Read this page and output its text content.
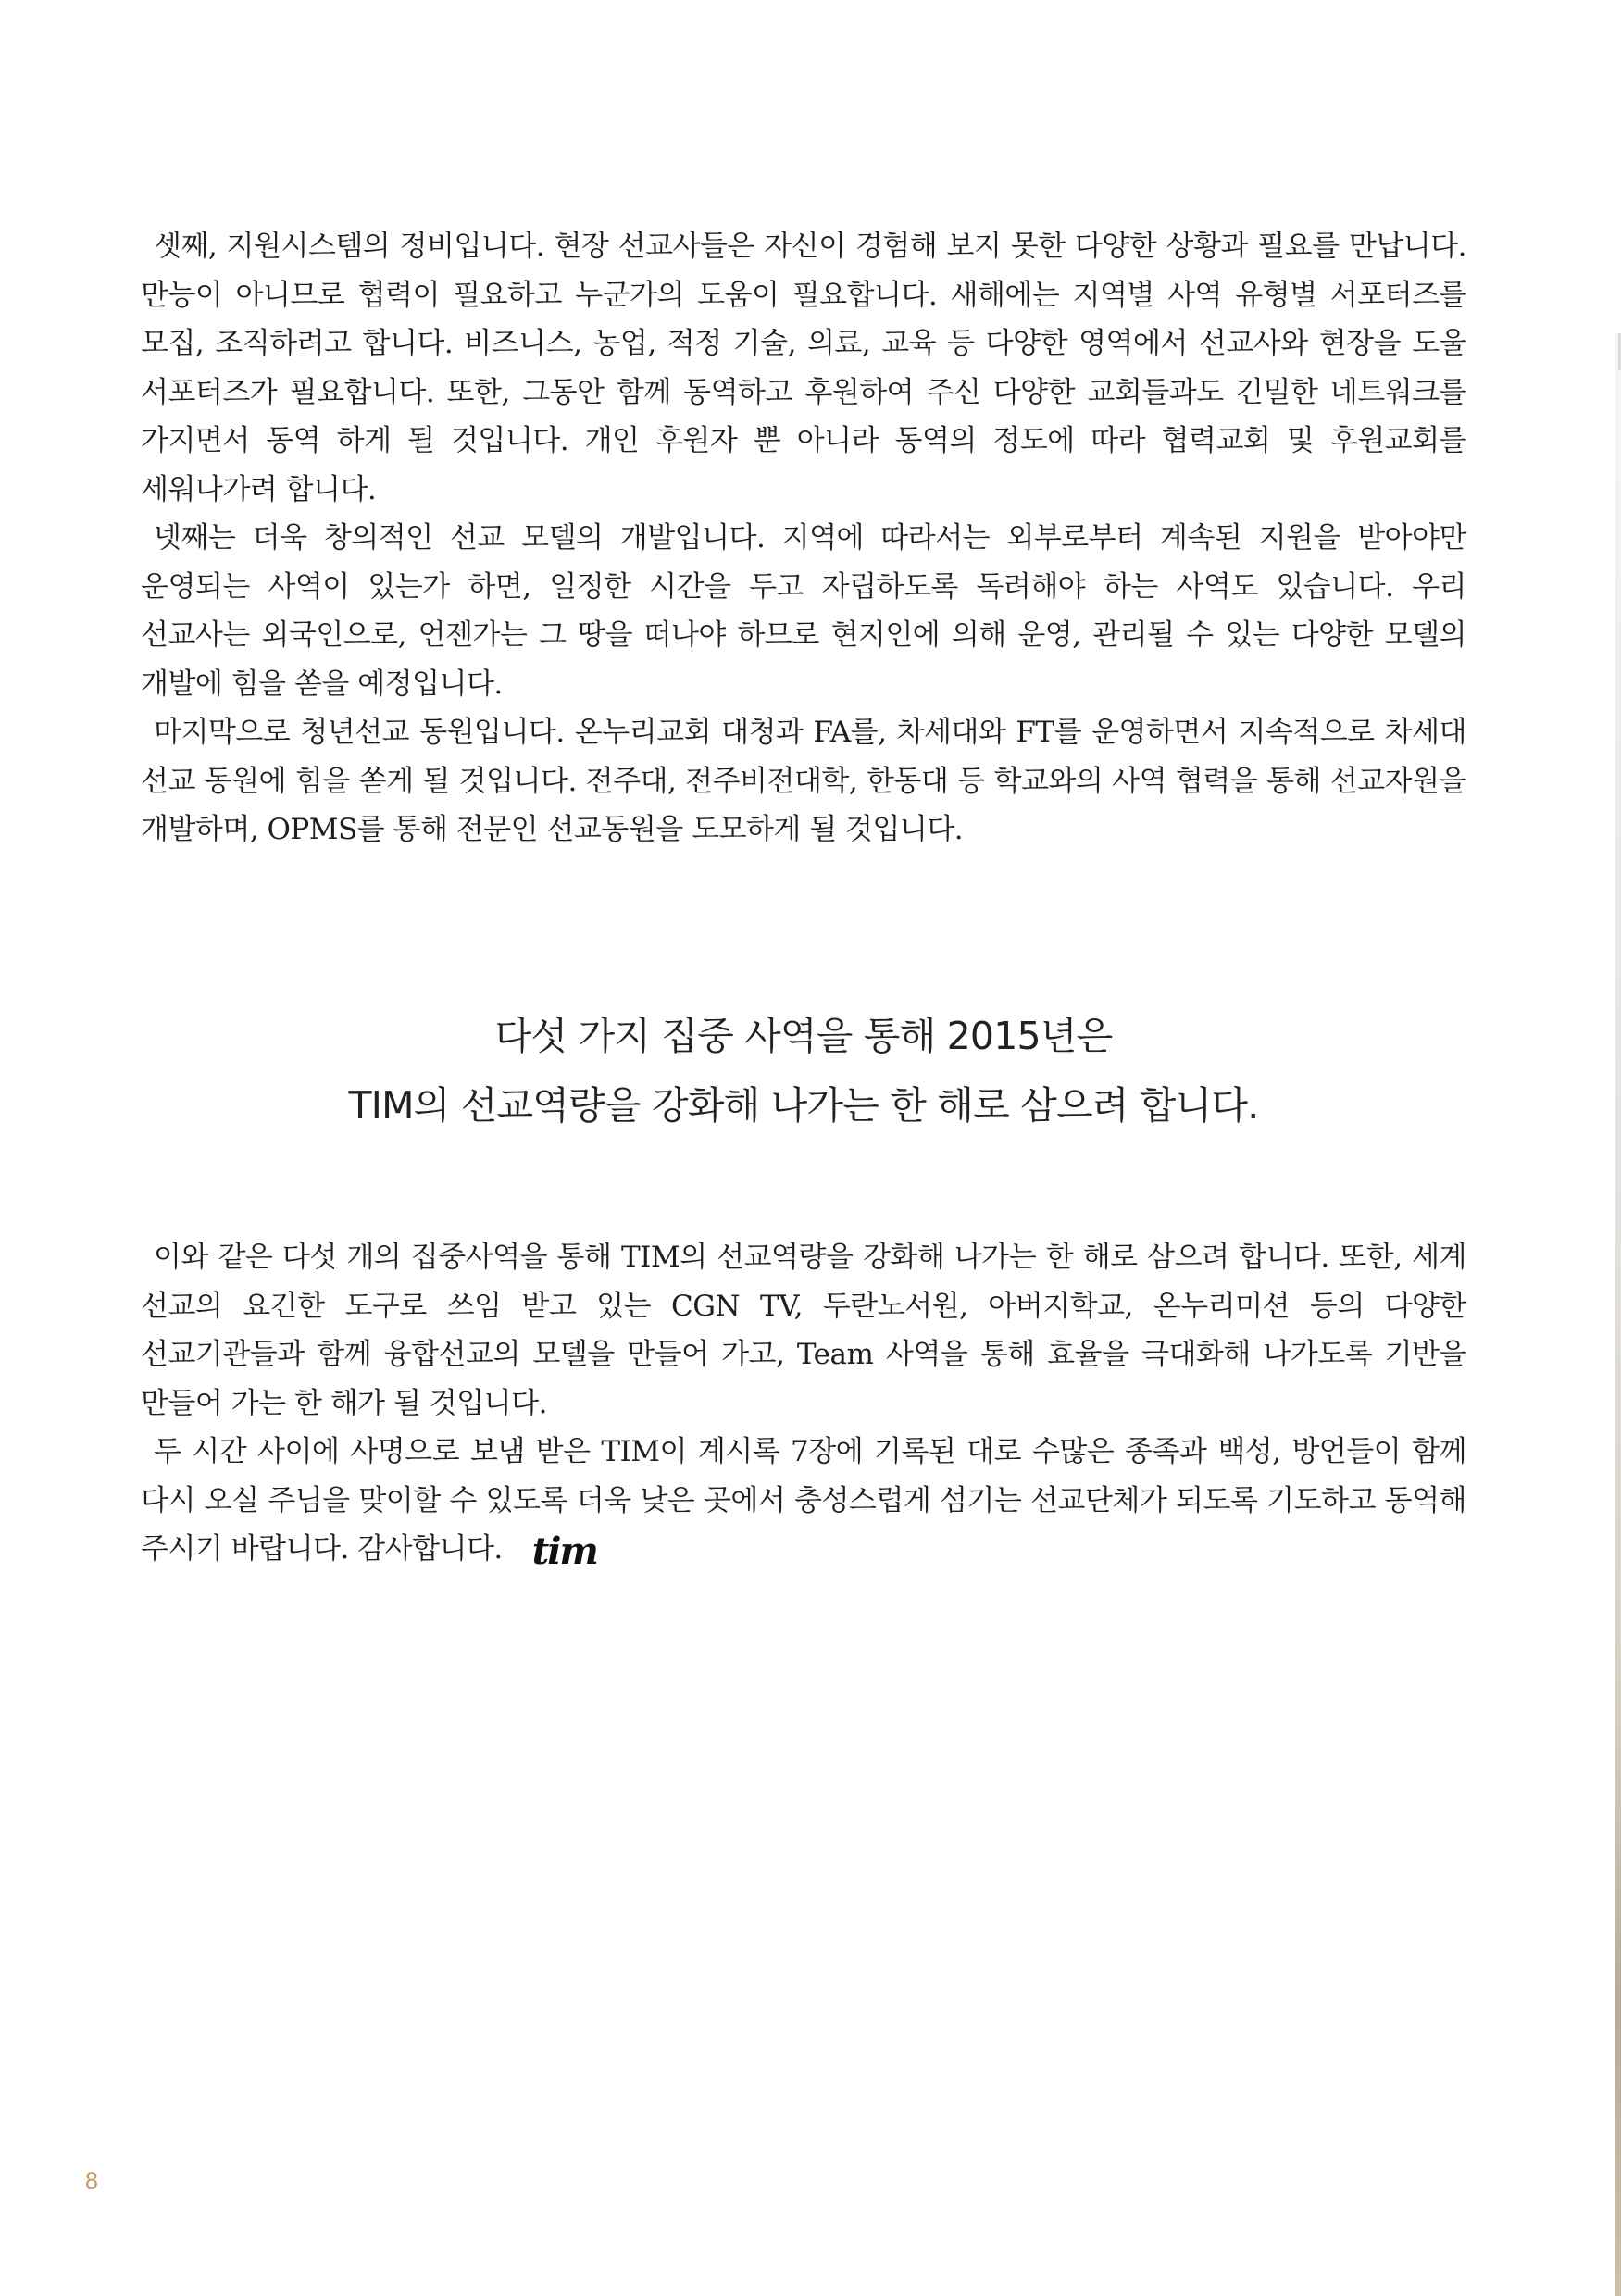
셋째, 지원시스템의 정비입니다. 현장 선교사들은 자신이 경험해 보지 못한 다양한 상황과 필요를 만납니다. 만능이 아니므로 협력이 필요하고 누군가의 도움이 필요합니다. 새해에는 지역별 사역 유형별 서포터즈를 모집, 조직하려고 합니다. 비즈니스, 농업, 적정 기술, 의료, 교육 등 다양한 영역에서 선교사와 현장을 도울 서포터즈가 필요합니다. 또한, 그동안 함께 동역하고 후원하여 주신 다양한 교회들과도 긴밀한 네트워크를 가지면서 동역 하게 될 것입니다. 개인 후원자 뿐 아니라 동역의 정도에 따라 협력교회 및 후원교회를 세워나가려 합니다.

넷째는 더욱 창의적인 선교 모델의 개발입니다. 지역에 따라서는 외부로부터 계속된 지원을 받아야만 운영되는 사역이 있는가 하면, 일정한 시간을 두고 자립하도록 독려해야 하는 사역도 있습니다. 우리 선교사는 외국인으로, 언젠가는 그 땅을 떠나야 하므로 현지인에 의해 운영, 관리될 수 있는 다양한 모델의 개발에 힘을 쏟을 예정입니다.

마지막으로 청년선교 동원입니다. 온누리교회 대청과 FA를, 차세대와 FT를 운영하면서 지속적으로 차세대 선교 동원에 힘을 쏟게 될 것입니다. 전주대, 전주비전대학, 한동대 등 학교와의 사역 협력을 통해 선교자원을 개발하며, OPMS를 통해 전문인 선교동원을 도모하게 될 것입니다.

다섯 가지 집중 사역을 통해 2015년은
TIM의 선교역량을 강화해 나가는 한 해로 삼으려 합니다.

이와 같은 다섯 개의 집중사역을 통해 TIM의 선교역량을 강화해 나가는 한 해로 삼으려 합니다. 또한, 세계 선교의 요긴한 도구로 쓰임 받고 있는 CGN TV, 두란노서원, 아버지학교, 온누리미션 등의 다양한 선교기관들과 함께 융합선교의 모델을 만들어 가고, Team 사역을 통해 효율을 극대화해 나가도록 기반을 만들어 가는 한 해가 될 것입니다.

두 시간 사이에 사명으로 보냄 받은 TIM이 계시록 7장에 기록된 대로 수많은 종족과 백성, 방언들이 함께 다시 오실 주님을 맞이할 수 있도록 더욱 낮은 곳에서 충성스럽게 섬기는 선교단체가 되도록 기도하고 동역해 주시기 바랍니다. 감사합니다. tim

8
